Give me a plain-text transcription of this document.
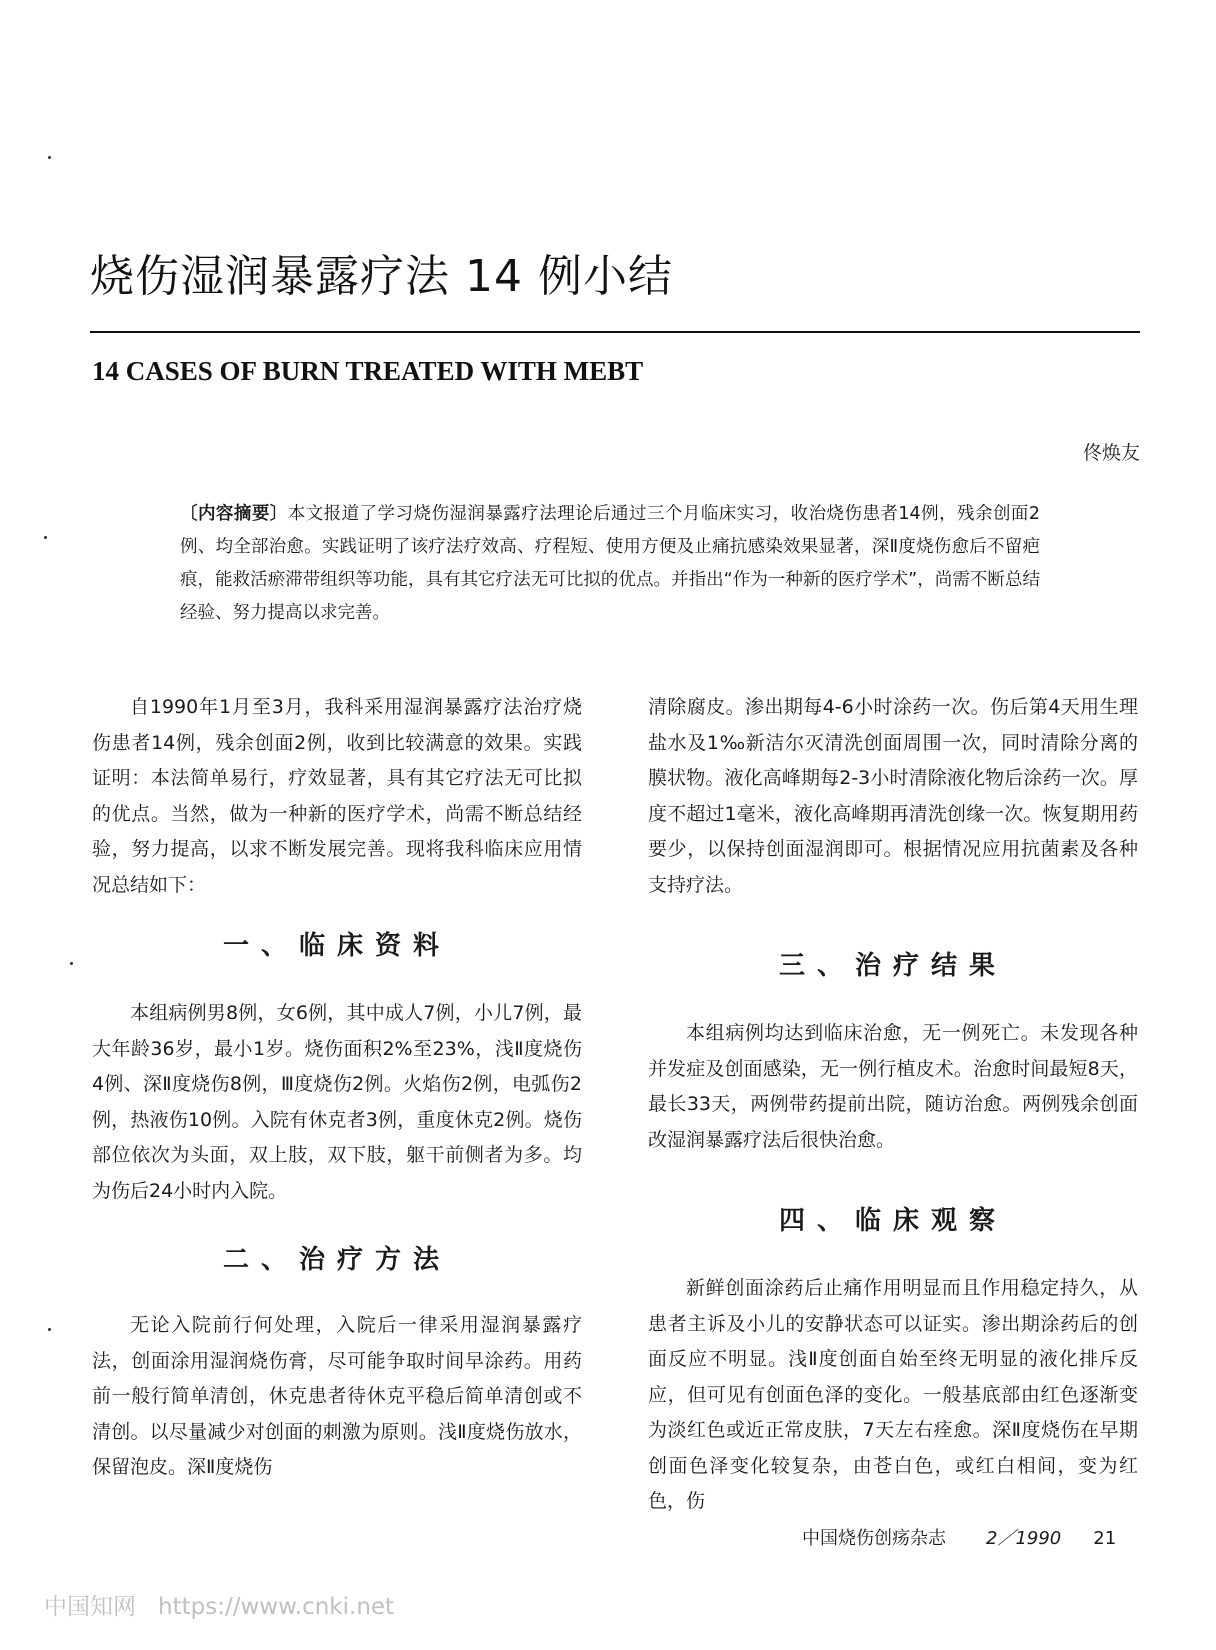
烧伤湿润暴露疗法 14 例小结
14 CASES OF BURN TREATED WITH MEBT
佟焕友
〔内容摘要〕本文报道了学习烧伤湿润暴露疗法理论后通过三个月临床实习，收治烧伤患者14例，残余创面2例、均全部治愈。实践证明了该疗法疗效高、疗程短、使用方便及止痛抗感染效果显著，深Ⅱ度烧伤愈后不留疤痕，能救活瘀滞带组织等功能，具有其它疗法无可比拟的优点。并指出“作为一种新的医疗学术”，尚需不断总结经验、努力提高以求完善。

自1990年1月至3月，我科采用湿润暴露疗法治疗烧伤患者14例，残余创面2例，收到比较满意的效果。实践证明：本法简单易行，疗效显著，具有其它疗法无可比拟的优点。当然，做为一种新的医疗学术，尚需不断总结经验，努力提高，以求不断发展完善。现将我科临床应用情况总结如下：

一、临床资料

本组病例男8例，女6例，其中成人7例，小儿7例，最大年龄36岁，最小1岁。烧伤面积2%至23%，浅Ⅱ度烧伤4例、深Ⅱ度烧伤8例，Ⅲ度烧伤2例。火焰伤2例，电弧伤2例，热液伤10例。入院有休克者3例，重度休克2例。烧伤部位依次为头面，双上肢，双下肢，躯干前侧者为多。均为伤后24小时内入院。

二、治疗方法

无论入院前行何处理，入院后一律采用湿润暴露疗法，创面涂用湿润烧伤膏，尽可能争取时间早涂药。用药前一般行简单清创，休克患者待休克平稳后简单清创或不清创。以尽量减少对创面的刺激为原则。浅Ⅱ度烧伤放水，保留泡皮。深Ⅱ度烧伤

清除腐皮。渗出期每4-6小时涂药一次。伤后第4天用生理盐水及1‰新洁尔灭清洗创面周围一次，同时清除分离的膜状物。液化高峰期每2-3小时清除液化物后涂药一次。厚度不超过1毫米，液化高峰期再清洗创缘一次。恢复期用药要少，以保持创面湿润即可。根据情况应用抗菌素及各种支持疗法。

三、治疗结果

本组病例均达到临床治愈，无一例死亡。未发现各种并发症及创面感染，无一例行植皮术。治愈时间最短8天，最长33天，两例带药提前出院，随访治愈。两例残余创面改湿润暴露疗法后很快治愈。

四、临床观察

新鲜创面涂药后止痛作用明显而且作用稳定持久，从患者主诉及小儿的安静状态可以证实。渗出期涂药后的创面反应不明显。浅Ⅱ度创面自始至终无明显的液化排斥反应，但可见有创面色泽的变化。一般基底部由红色逐渐变为淡红色或近正常皮肤，7天左右痊愈。深Ⅱ度烧伤在早期创面色泽变化较复杂，由苍白色，或红白相间，变为红色，伤

中国烧伤创疡杂志 2／1990 21
中国知网 https://www.cnki.net
